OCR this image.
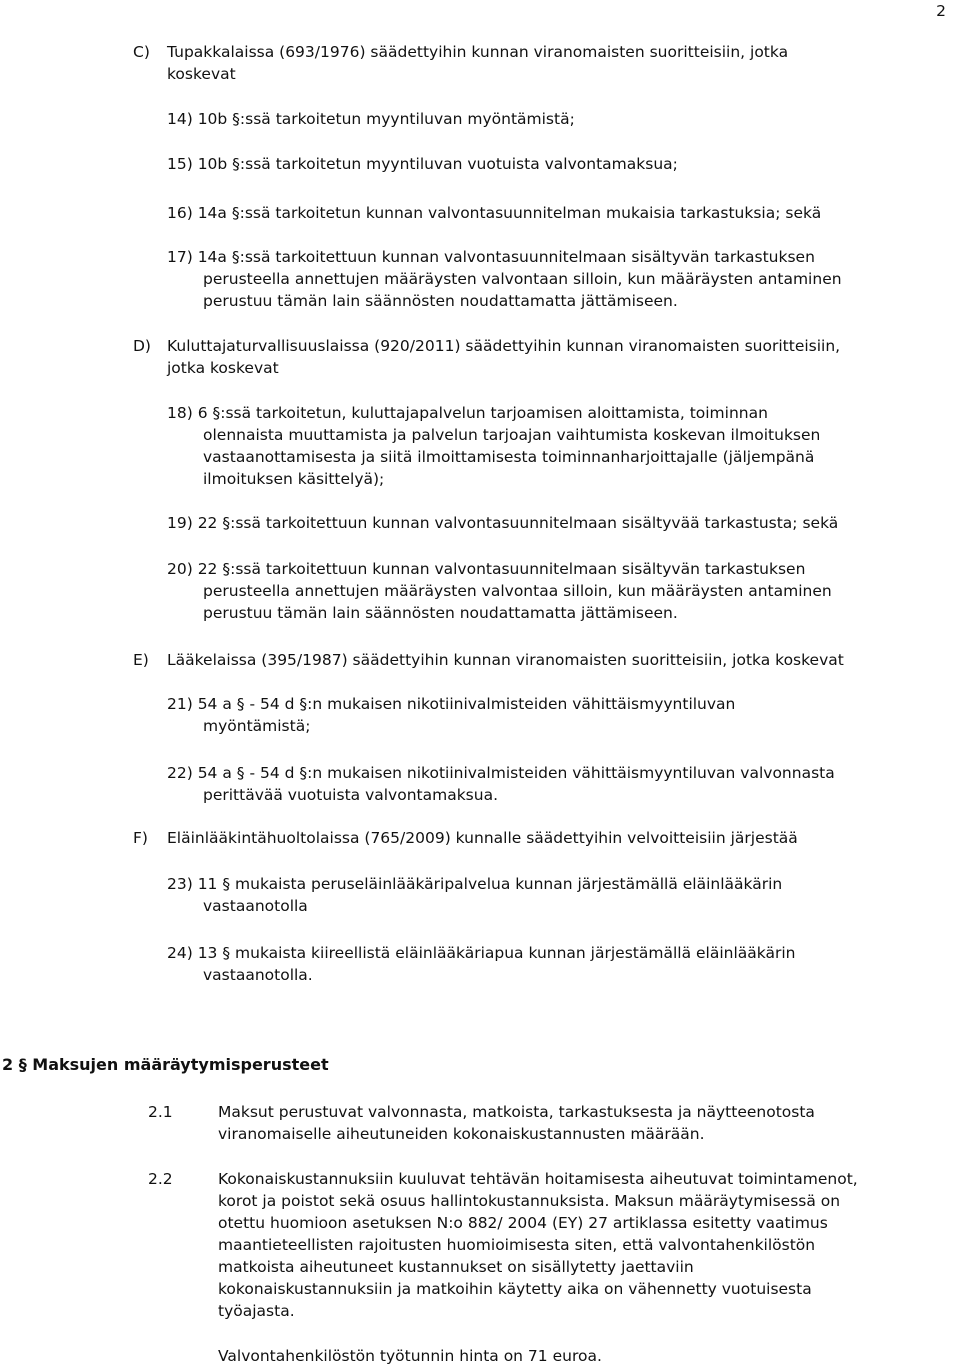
2
C) Tupakkalaissa (693/1976) säädettyihin kunnan viranomaisten suoritteisiin, jotka
koskevat
14) 10b §:ssä tarkoitetun myyntiluvan myöntämistä;
15) 10b §:ssä tarkoitetun myyntiluvan vuotuista valvontamaksua;
16) 14a §:ssä tarkoitetun kunnan valvontasuunnitelman mukaisia tarkastuksia; sekä
17) 14a §:ssä tarkoitettuun kunnan valvontasuunnitelmaan sisältyvän tarkastuksen
perusteella annettujen määräysten valvontaan silloin, kun määräysten antaminen
perustuu tämän lain säännösten noudattamatta jättämiseen.
D) Kuluttajaturvallisuuslaissa (920/2011) säädettyihin kunnan viranomaisten suoritteisiin,
jotka koskevat
18) 6 §:ssä tarkoitetun, kuluttajapalvelun tarjoamisen aloittamista, toiminnan
olennaista muuttamista ja palvelun tarjoajan vaihtumista koskevan ilmoituksen
vastaanottamisesta ja siitä ilmoittamisesta toiminnanharjoittajalle (jäljempänä
ilmoituksen käsittelyä);
19) 22 §:ssä tarkoitettuun kunnan valvontasuunnitelmaan sisältyvää tarkastusta; sekä
20) 22 §:ssä tarkoitettuun kunnan valvontasuunnitelmaan sisältyvän tarkastuksen
perusteella annettujen määräysten valvontaa silloin, kun määräysten antaminen
perustuu tämän lain säännösten noudattamatta jättämiseen.
E) Lääkelaissa (395/1987) säädettyihin kunnan viranomaisten suoritteisiin, jotka koskevat
21) 54 a § - 54 d §:n mukaisen nikotiinivalmisteiden vähittäismyyntiluvan
myöntämistä;
22) 54 a § - 54 d §:n mukaisen nikotiinivalmisteiden vähittäismyyntiluvan valvonnasta
perittävää vuotuista valvontamaksua.
F) Eläinlääkintähuoltolaissa (765/2009) kunnalle säädettyihin velvoitteisiin järjestää
23) 11 § mukaista peruseläinlääkäripalvelua kunnan järjestämällä eläinlääkärin
vastaanotolla
24) 13 § mukaista kiireellistä eläinlääkäriapua kunnan järjestämällä eläinlääkärin
vastaanotolla.
2 § Maksujen määräytymisperusteet
2.1	Maksut perustuvat valvonnasta, matkoista, tarkastuksesta ja näytteenotosta
viranomaiselle aiheutuneiden kokonaiskustannusten määrään.
2.2	Kokonaiskustannuksiin kuuluvat tehtävän hoitamisesta aiheutuvat toimintamenot,
korot ja poistot sekä osuus hallintokustannuksista. Maksun määräytymisessä on
otettu huomioon asetuksen N:o 882/ 2004 (EY) 27 artiklassa esitetty vaatimus
maantieteellisten rajoitusten huomioimisesta siten, että valvontahenkilöstön
matkoista aiheutuneet kustannukset on sisällytetty jaettaviin
kokonaiskustannuksiin ja matkoihin käytetty aika on vähennetty vuotuisesta
työajasta.
Valvontahenkilöstön työtunnin hinta on 71 euroa.
